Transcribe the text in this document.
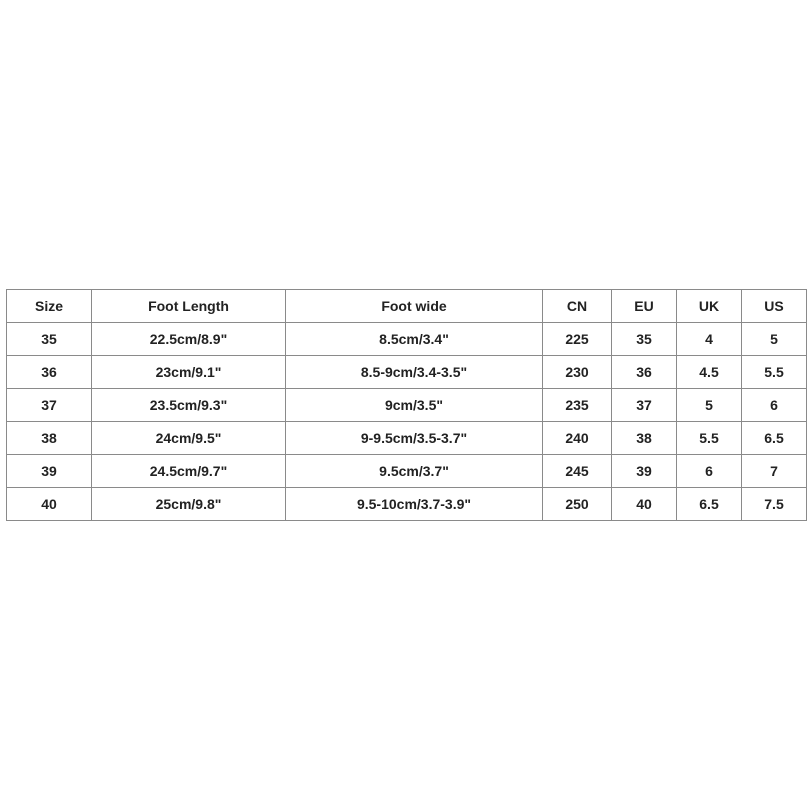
Size	Foot Length	Foot wide	CN	EU	UK	US
35	22.5cm/8.9"	8.5cm/3.4"	225	35	4	5
36	23cm/9.1"	8.5-9cm/3.4-3.5"	230	36	4.5	5.5
37	23.5cm/9.3"	9cm/3.5"	235	37	5	6
38	24cm/9.5"	9-9.5cm/3.5-3.7"	240	38	5.5	6.5
39	24.5cm/9.7"	9.5cm/3.7"	245	39	6	7
40	25cm/9.8"	9.5-10cm/3.7-3.9"	250	40	6.5	7.5
